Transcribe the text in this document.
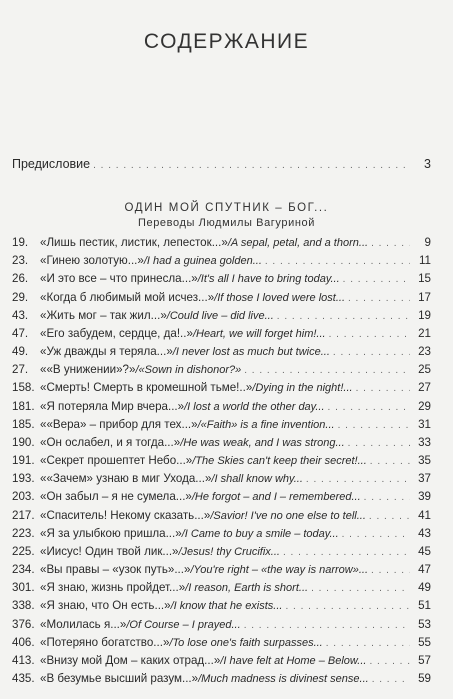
СОДЕРЖАНИЕ
Предисловие . . .	3
ОДИН МОЙ СПУТНИК – БОГ...
Переводы Людмилы Вагуриной
19.	«Лишь пестик, листик, лепесток...» /A sepal, petal, and a thorn... . . .	9
23.	«Гинею золотую...» /I had a guinea golden... . . .	11
26.	«И это все – что принесла...» /It's all I have to bring today... . . .	15
29.	«Когда б любимый мой исчез...» /If those I loved were lost... . . .	17
43.	«Жить мог – так жил...» /Could live – did live... . . .	19
47.	«Его забудем, сердце, да!..» /Heart, we will forget him!... . . .	21
49.	«Уж дважды я теряла...» /I never lost as much but twice... . . .	23
27.	««В унижении»?» /«Sown in dishonor?» . . .	25
158. «Смерть! Смерть в кромешной тьме!..» /Dying in the night!... . . .	27
181. «Я потеряла Мир вчера...» /I lost a world the other day... . . .	29
185. ««Вера» – прибор для тех...» /«Faith» is a fine invention... . . .	31
190. «Он ослабел, и я тогда...» /He was weak, and I was strong... . . .	33
191. «Секрет прошептет Небо...» /The Skies can't keep their secret!... . . .	35
193. ««Зачем» узнаю в миг Ухода...» /I shall know why... . . .	37
203. «Он забыл – я не сумела...» /He forgot – and I – remembered... . . .	39
217. «Спаситель! Некому сказать...» /Savior! I've no one else to tell... . . .	41
223. «Я за улыбкою пришла...» /I Came to buy a smile – today... . . .	43
225. «Иисус! Один твой лик...» /Jesus! thy Crucifix... . . .	45
234. «Вы правы – «узок путь»...» /You're right – «the way is narrow»... . . .	47
301. «Я знаю, жизнь пройдет...» /I reason, Earth is short... . . .	49
338. «Я знаю, что Он есть...» /I know that he exists... . . .	51
376. «Молилась я...» /Of Course – I prayed... . . .	53
406. «Потеряно богатство...» /To lose one's faith surpasses... . . .	55
413. «Внизу мой Дом – каких отрад...» /I have felt at Home – Below... . . .	57
435. «В безумье высший разум...» /Much madness is divinest sense... . . .	59
